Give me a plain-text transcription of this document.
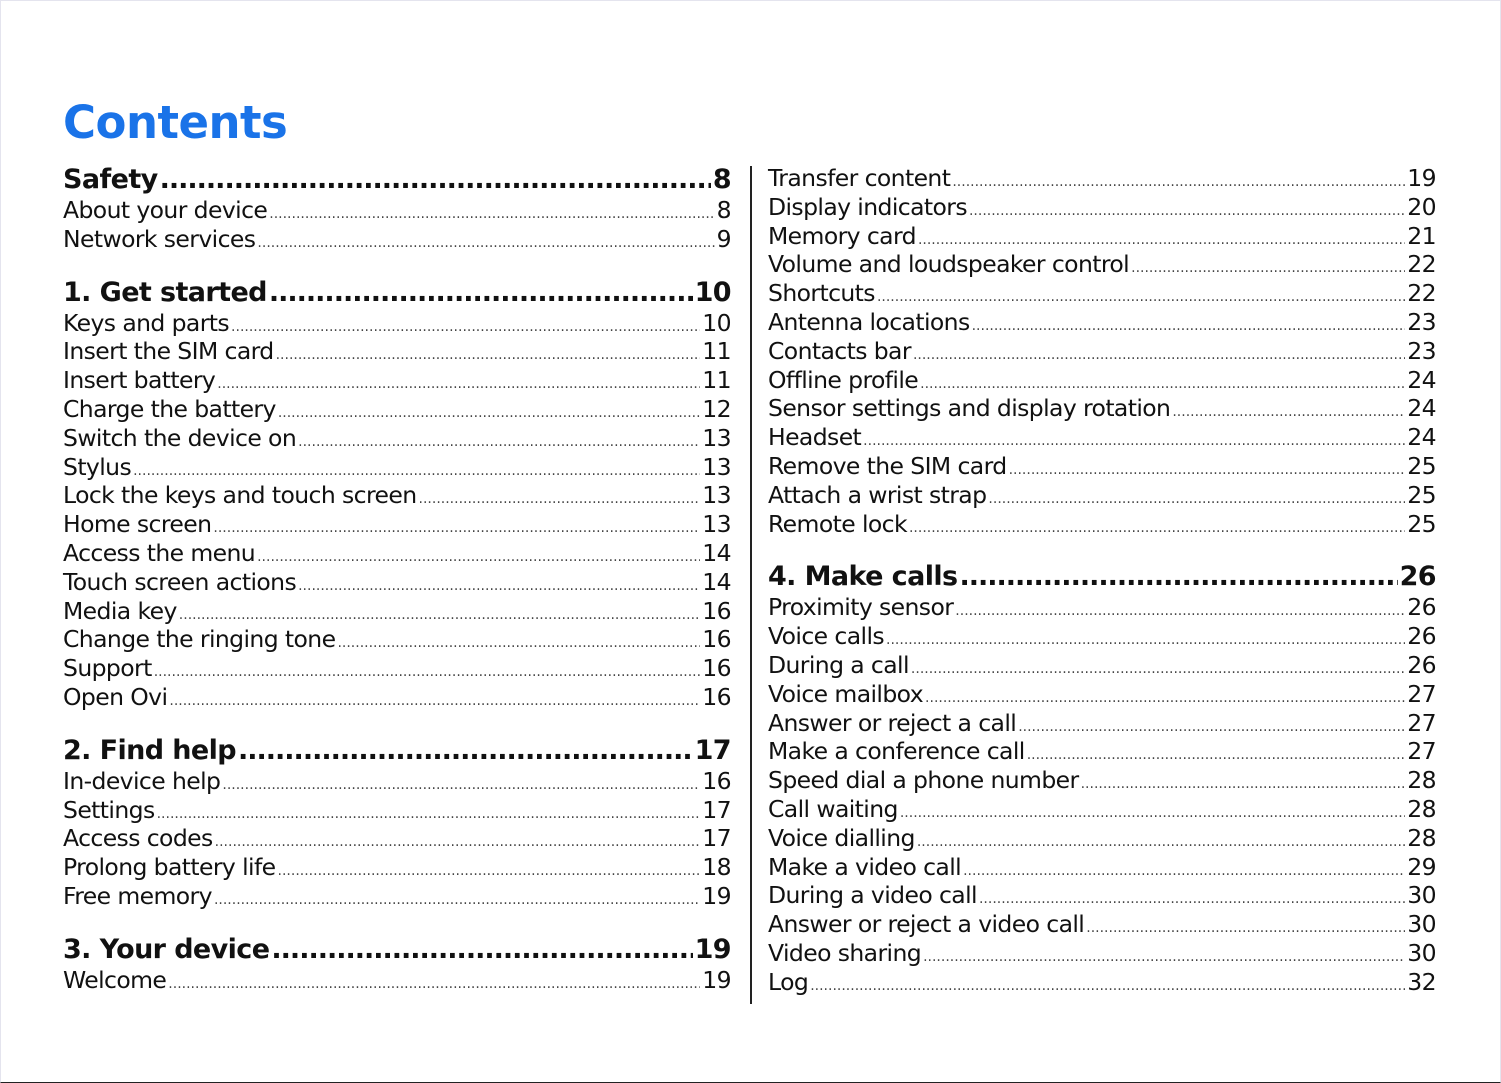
Contents
Safety .....	8
About your device .....	8
Network services .....	9
1. Get started .....	10
Keys and parts .....	10
Insert the SIM card .....	11
Insert battery .....	11
Charge the battery .....	12
Switch the device on .....	13
Stylus .....	13
Lock the keys and touch screen .....	13
Home screen .....	13
Access the menu .....	14
Touch screen actions .....	14
Media key .....	16
Change the ringing tone .....	16
Support .....	16
Open Ovi .....	16
2. Find help .....	17
In-device help .....	16
Settings .....	17
Access codes .....	17
Prolong battery life .....	18
Free memory .....	19
3. Your device .....	19
Welcome .....	19
Transfer content .....	19
Display indicators .....	20
Memory card .....	21
Volume and loudspeaker control .....	22
Shortcuts .....	22
Antenna locations .....	23
Contacts bar .....	23
Offline profile .....	24
Sensor settings and display rotation .....	24
Headset .....	24
Remove the SIM card .....	25
Attach a wrist strap .....	25
Remote lock .....	25
4. Make calls .....	26
Proximity sensor .....	26
Voice calls .....	26
During a call .....	26
Voice mailbox .....	27
Answer or reject a call .....	27
Make a conference call .....	27
Speed dial a phone number .....	28
Call waiting .....	28
Voice dialling .....	28
Make a video call .....	29
During a video call .....	30
Answer or reject a video call .....	30
Video sharing .....	30
Log .....	32
